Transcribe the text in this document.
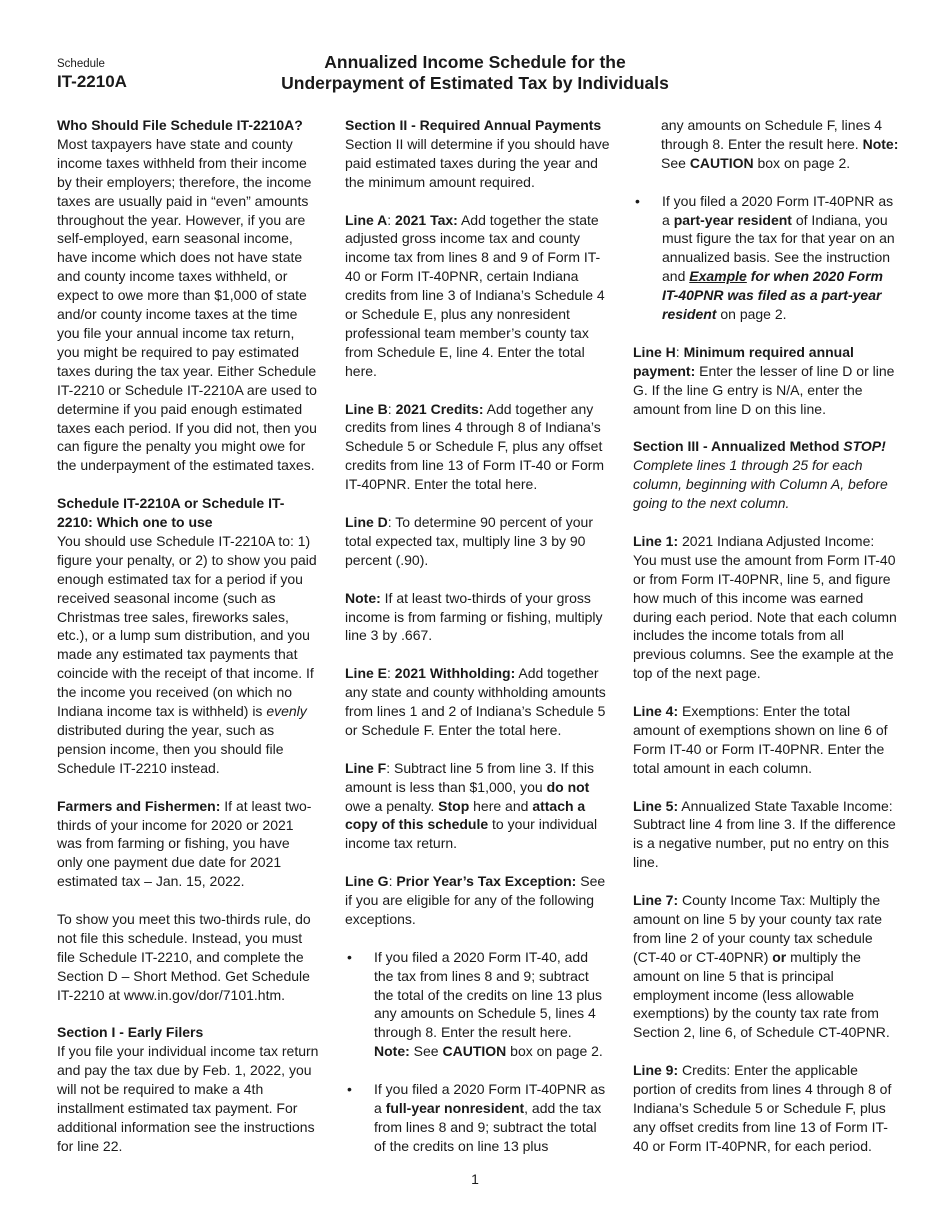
Schedule
IT-2210A
Annualized Income Schedule for the
Underpayment of Estimated Tax by Individuals
Who Should File Schedule IT-2210A?
Most taxpayers have state and county income taxes withheld from their income by their employers; therefore, the income taxes are usually paid in “even” amounts throughout the year. However, if you are self-employed, earn seasonal income, have income which does not have state and county income taxes withheld, or expect to owe more than $1,000 of state and/or county income taxes at the time you file your annual income tax return, you might be required to pay estimated taxes during the tax year. Either Schedule IT-2210 or Schedule IT-2210A are used to determine if you paid enough estimated taxes each period. If you did not, then you can figure the penalty you might owe for the underpayment of the estimated taxes.
Schedule IT-2210A or Schedule IT-2210: Which one to use
You should use Schedule IT-2210A to: 1) figure your penalty, or 2) to show you paid enough estimated tax for a period if you received seasonal income (such as Christmas tree sales, fireworks sales, etc.), or a lump sum distribution, and you made any estimated tax payments that coincide with the receipt of that income. If the income you received (on which no Indiana income tax is withheld) is evenly distributed during the year, such as pension income, then you should file Schedule IT-2210 instead.

Farmers and Fishermen: If at least two-thirds of your income for 2020 or 2021 was from farming or fishing, you have only one payment due date for 2021 estimated tax – Jan. 15, 2022.

To show you meet this two-thirds rule, do not file this schedule. Instead, you must file Schedule IT-2210, and complete the Section D – Short Method. Get Schedule IT-2210 at www.in.gov/dor/7101.htm.

Section I - Early Filers
If you file your individual income tax return and pay the tax due by Feb. 1, 2022, you will not be required to make a 4th installment estimated tax payment. For additional information see the instructions for line 22.
Section II - Required Annual Payments
Section II will determine if you should have paid estimated taxes during the year and the minimum amount required.

Line A: 2021 Tax: Add together the state adjusted gross income tax and county income tax from lines 8 and 9 of Form IT-40 or Form IT-40PNR, certain Indiana credits from line 3 of Indiana’s Schedule 4 or Schedule E, plus any nonresident professional team member’s county tax from Schedule E, line 4. Enter the total here.

Line B: 2021 Credits: Add together any credits from lines 4 through 8 of Indiana’s Schedule 5 or Schedule F, plus any offset credits from line 13 of Form IT-40 or Form IT-40PNR. Enter the total here.

Line D: To determine 90 percent of your total expected tax, multiply line 3 by 90 percent (.90).

Note: If at least two-thirds of your gross income is from farming or fishing, multiply line 3 by .667.

Line E: 2021 Withholding: Add together any state and county withholding amounts from lines 1 and 2 of Indiana’s Schedule 5 or Schedule F. Enter the total here.

Line F: Subtract line 5 from line 3. If this amount is less than $1,000, you do not owe a penalty. Stop here and attach a copy of this schedule to your individual income tax return.

Line G: Prior Year’s Tax Exception: See if you are eligible for any of the following exceptions.

•	If you filed a 2020 Form IT-40, add the tax from lines 8 and 9; subtract the total of the credits on line 13 plus any amounts on Schedule 5, lines 4 through 8. Enter the result here. Note: See CAUTION box on page 2.
•	If you filed a 2020 Form IT-40PNR as a full-year nonresident, add the tax from lines 8 and 9; subtract the total of the credits on line 13 plus
any amounts on Schedule F, lines 4 through 8. Enter the result here. Note: See CAUTION box on page 2.
•	If you filed a 2020 Form IT-40PNR as a part-year resident of Indiana, you must figure the tax for that year on an annualized basis. See the instruction and Example for when 2020 Form IT-40PNR was filed as a part-year resident on page 2.

Line H: Minimum required annual payment: Enter the lesser of line D or line G. If the line G entry is N/A, enter the amount from line D on this line.

Section III - Annualized Method STOP! Complete lines 1 through 25 for each column, beginning with Column A, before going to the next column.

Line 1: 2021 Indiana Adjusted Income: You must use the amount from Form IT-40 or from Form IT-40PNR, line 5, and figure how much of this income was earned during each period. Note that each column includes the income totals from all previous columns. See the example at the top of the next page.

Line 4: Exemptions: Enter the total amount of exemptions shown on line 6 of Form IT-40 or Form IT-40PNR. Enter the total amount in each column.

Line 5: Annualized State Taxable Income: Subtract line 4 from line 3. If the difference is a negative number, put no entry on this line.

Line 7: County Income Tax: Multiply the amount on line 5 by your county tax rate from line 2 of your county tax schedule (CT-40 or CT-40PNR) or multiply the amount on line 5 that is principal employment income (less allowable exemptions) by the county tax rate from Section 2, line 6, of Schedule CT-40PNR.

Line 9: Credits: Enter the applicable portion of credits from lines 4 through 8 of Indiana’s Schedule 5 or Schedule F, plus any offset credits from line 13 of Form IT-40 or Form IT-40PNR, for each period.

1
